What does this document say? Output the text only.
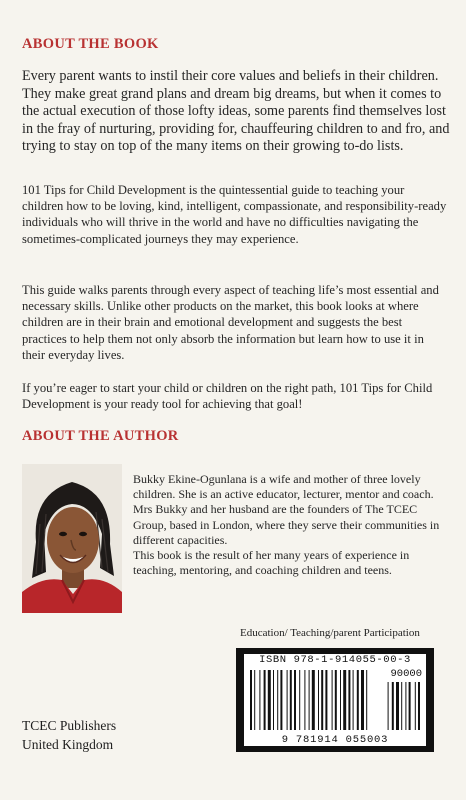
ABOUT THE BOOK
Every parent wants to instil their core values and beliefs in their children. They make great grand plans and dream big dreams, but when it comes to the actual execution of those lofty ideas, some parents find themselves lost in the fray of nurturing, providing for, chauffeuring children to and fro, and trying to stay on top of the many items on their growing to-do lists.
101 Tips for Child Development is the quintessential guide to teaching your children how to be loving, kind, intelligent, compassionate, and responsibility-ready individuals who will thrive in the world and have no difficulties navigating the sometimes-complicated journeys they may experience.
This guide walks parents through every aspect of teaching life’s most essential and necessary skills. Unlike other products on the market, this book looks at where children are in their brain and emotional development and suggests the best practices to help them not only absorb the information but learn how to use it in their everyday lives.
If you’re eager to start your child or children on the right path, 101 Tips for Child Development is your ready tool for achieving that goal!
ABOUT THE AUTHOR

Bukky Ekine-Ogunlana is a wife and mother of three lovely children. She is an active educator, lecturer, mentor and coach.

Mrs Bukky and her husband are the founders of The TCEC Group, based in London, where they serve their communities in different capacities.

This book is the result of her many years of experience in teaching, mentoring, and coaching children and teens.

Education/ Teaching/parent Participation
ISBN 978-1-914055-00-3
90000
9 781914 055003
TCEC Publishers
United Kingdom
